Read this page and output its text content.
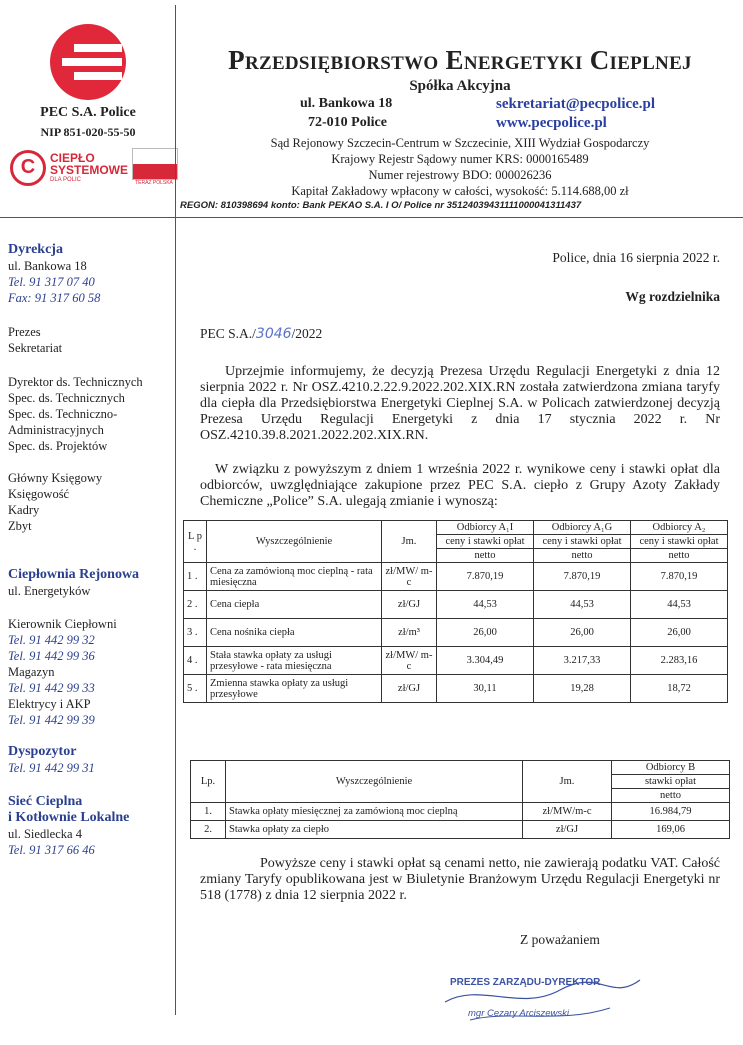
PEC S.A. Police
NIP 851-020-55-50
C	CIEPŁO SYSTEMOWE
DLA POLIC	TERAZ POLSKA
Przedsiębiorstwo Energetyki Cieplnej
Spółka Akcyjna
ul. Bankowa 18
72-010 Police
sekretariat@pecpolice.pl
www.pecpolice.pl
Sąd Rejonowy Szczecin-Centrum w Szczecinie, XIII Wydział Gospodarczy
Krajowy Rejestr Sądowy numer KRS: 0000165489
Numer rejestrowy BDO: 000026236
Kapitał Zakładowy wpłacony w całości, wysokość: 5.114.688,00 zł
REGON: 810398694 konto: Bank PEKAO S.A. I O/ Police nr 35124039431111000041311437
Dyrekcja
ul. Bankowa 18
Tel. 91 317 07 40
Fax: 91 317 60 58
Prezes
Sekretariat
Dyrektor ds. Technicznych
Spec. ds. Technicznych
Spec. ds. Techniczno-
Administracyjnych
Spec. ds. Projektów
Główny Księgowy
Księgowość
Kadry
Zbyt
Ciepłownia Rejonowa
ul. Energetyków
Kierownik Ciepłowni
Tel. 91 442 99 32
Tel. 91 442 99 36
Magazyn
Tel. 91 442 99 33
Elektrycy i AKP
Tel. 91 442 99 39
Dyspozytor
Tel. 91 442 99 31
Sieć Cieplna
i Kotłownie Lokalne
ul. Siedlecka 4
Tel. 91 317 66 46
Police, dnia 16 sierpnia 2022 r.
Wg rozdzielnika
PEC S.A./3046/2022
Uprzejmie informujemy, że decyzją Prezesa Urzędu Regulacji Energetyki z dnia 12 sierpnia 2022 r. Nr OSZ.4210.2.22.9.2022.202.XIX.RN została zatwierdzona zmiana taryfy dla ciepła dla Przedsiębiorstwa Energetyki Cieplnej S.A. w Policach zatwierdzonej decyzją Prezesa Urzędu Regulacji Energetyki z dnia 17 stycznia 2022 r. Nr OSZ.4210.39.8.2021.2022.202.XIX.RN.
W związku z powyższym z dniem 1 września 2022 r. wynikowe ceny i stawki opłat dla odbiorców, uwzględniające zakupione przez PEC S.A. ciepło z Grupy Azoty Zakłady Chemiczne „Police” S.A. ulegają zmianie i wynoszą:
L p .	Wyszczególnienie	Jm.	Odbiorcy A₁I	Odbiorcy A₁G	Odbiorcy A₂
			ceny i stawki opłat	ceny i stawki opłat	ceny i stawki opłat
			netto	netto	netto
1 .	Cena za zamówioną moc cieplną - rata miesięczna	zł/MW/ m-c	7.870,19	7.870,19	7.870,19
2 .	Cena ciepła	zł/GJ	44,53	44,53	44,53
3 .	Cena nośnika ciepła	zł/m³	26,00	26,00	26,00
4 .	Stała stawka opłaty za usługi przesyłowe - rata miesięczna	zł/MW/ m-c	3.304,49	3.217,33	2.283,16
5 .	Zmienna stawka opłaty za usługi przesyłowe	zł/GJ	30,11	19,28	18,72
Lp.	Wyszczególnienie	Jm.	Odbiorcy B
			stawki opłat
			netto
1.	Stawka opłaty miesięcznej za zamówioną moc cieplną	zł/MW/m-c	16.984,79
2.	Stawka opłaty za ciepło	zł/GJ	169,06
Powyższe ceny i stawki opłat są cenami netto, nie zawierają podatku VAT. Całość zmiany Taryfy opublikowana jest w Biuletynie Branżowym Urzędu Regulacji Energetyki nr 518 (1778) z dnia 12 sierpnia 2022 r.
Z poważaniem
PREZES ZARZĄDU-DYREKTOR
mgr Cezary Arciszewski
